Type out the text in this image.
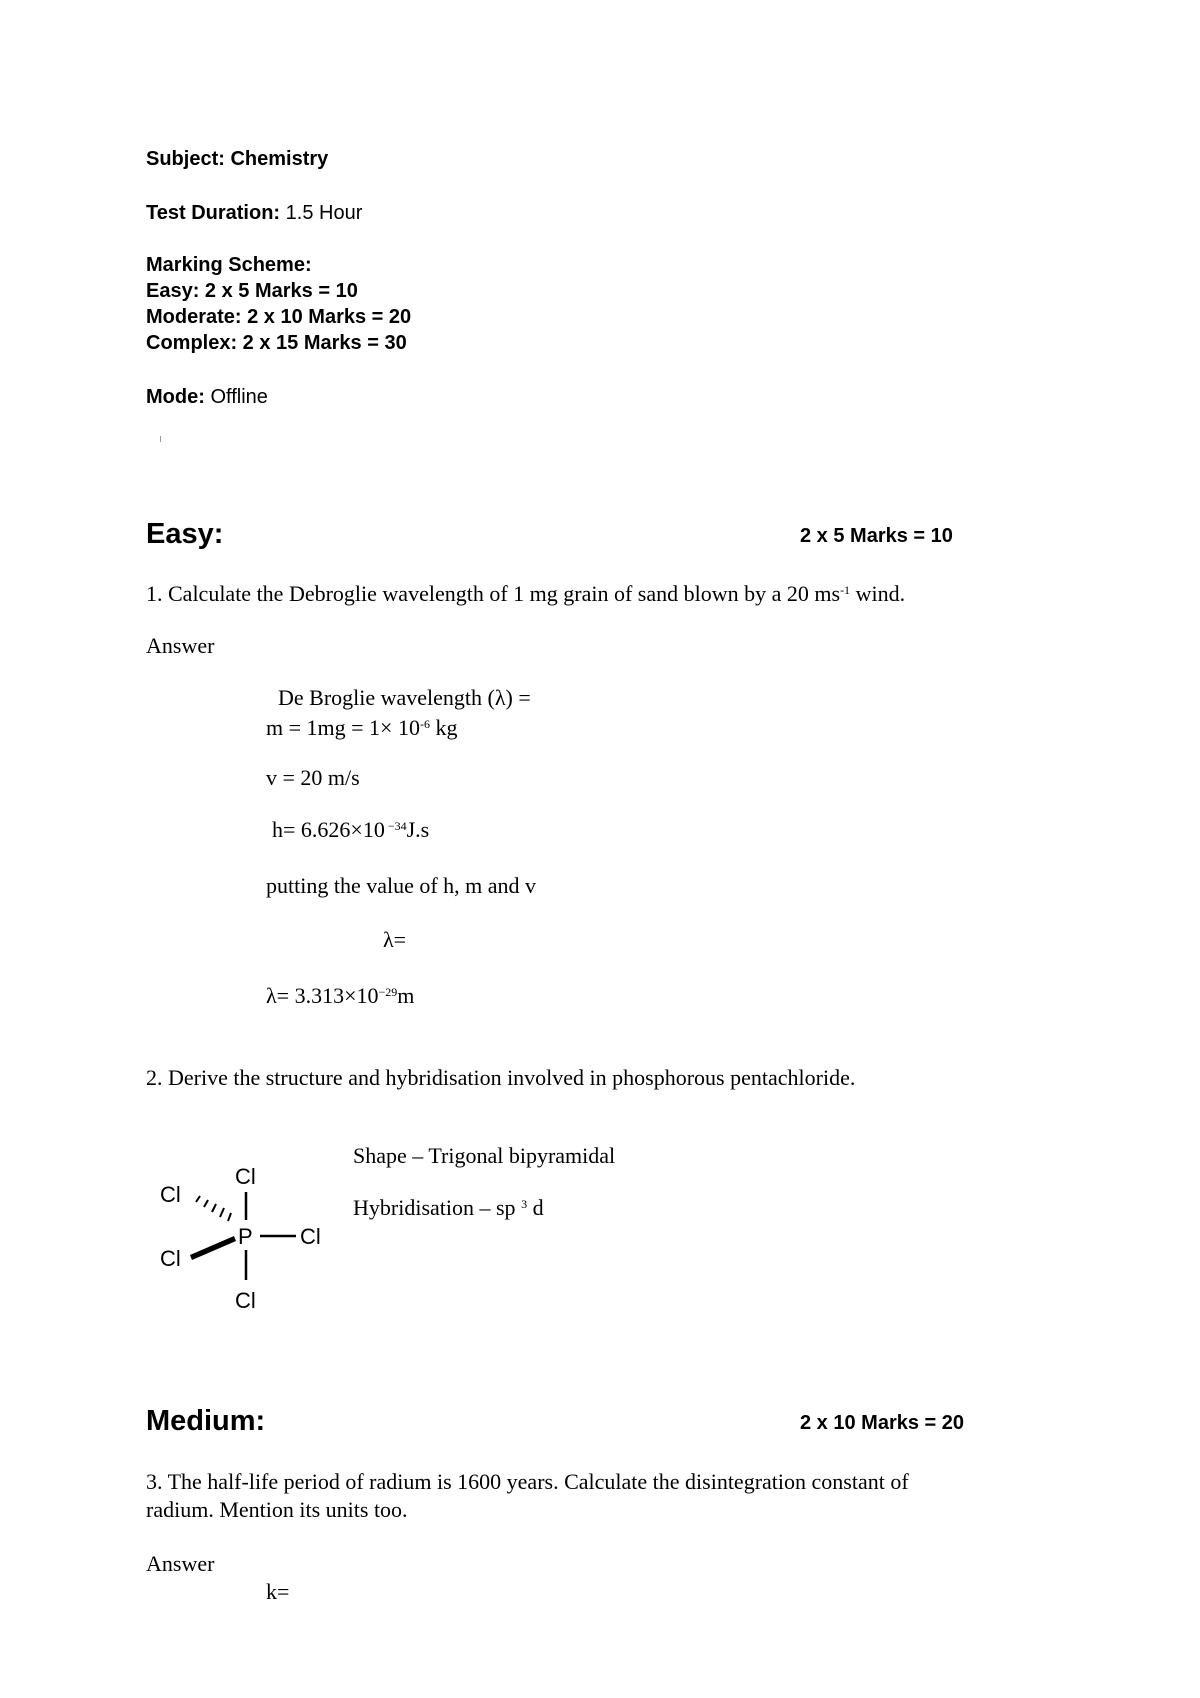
Subject: Chemistry
Test Duration: 1.5 Hour
Marking Scheme:
Easy: 2 x 5 Marks = 10
Moderate: 2 x 10 Marks = 20
Complex: 2 x 15 Marks = 30
Mode: Offline
Easy:	2 x 5 Marks = 10
1. Calculate the Debroglie wavelength of 1 mg grain of sand blown by a 20 $ms^{-1}$ wind.
Answer
De Broglie wavelength (λ) =
$m = 1mg = 1\times 10^{-6}$ kg
v = 20 m/s
h= 6.626×10 $^{-34}$J.s
putting the value of h, m and v
λ=
$\lambda= 3.313\times 10^{-29}m$
2. Derive the structure and hybridisation involved in phosphorous pentachloride.
Cl
Cl
Cl
Cl
Cl
P
Shape – Trigonal bipyramidal
Hybridisation – sp $^3$ d
Medium:	2 x 10 Marks = 20
3. The half-life period of radium is 1600 years. Calculate the disintegration constant of
radium. Mention its units too.
Answer
k=
